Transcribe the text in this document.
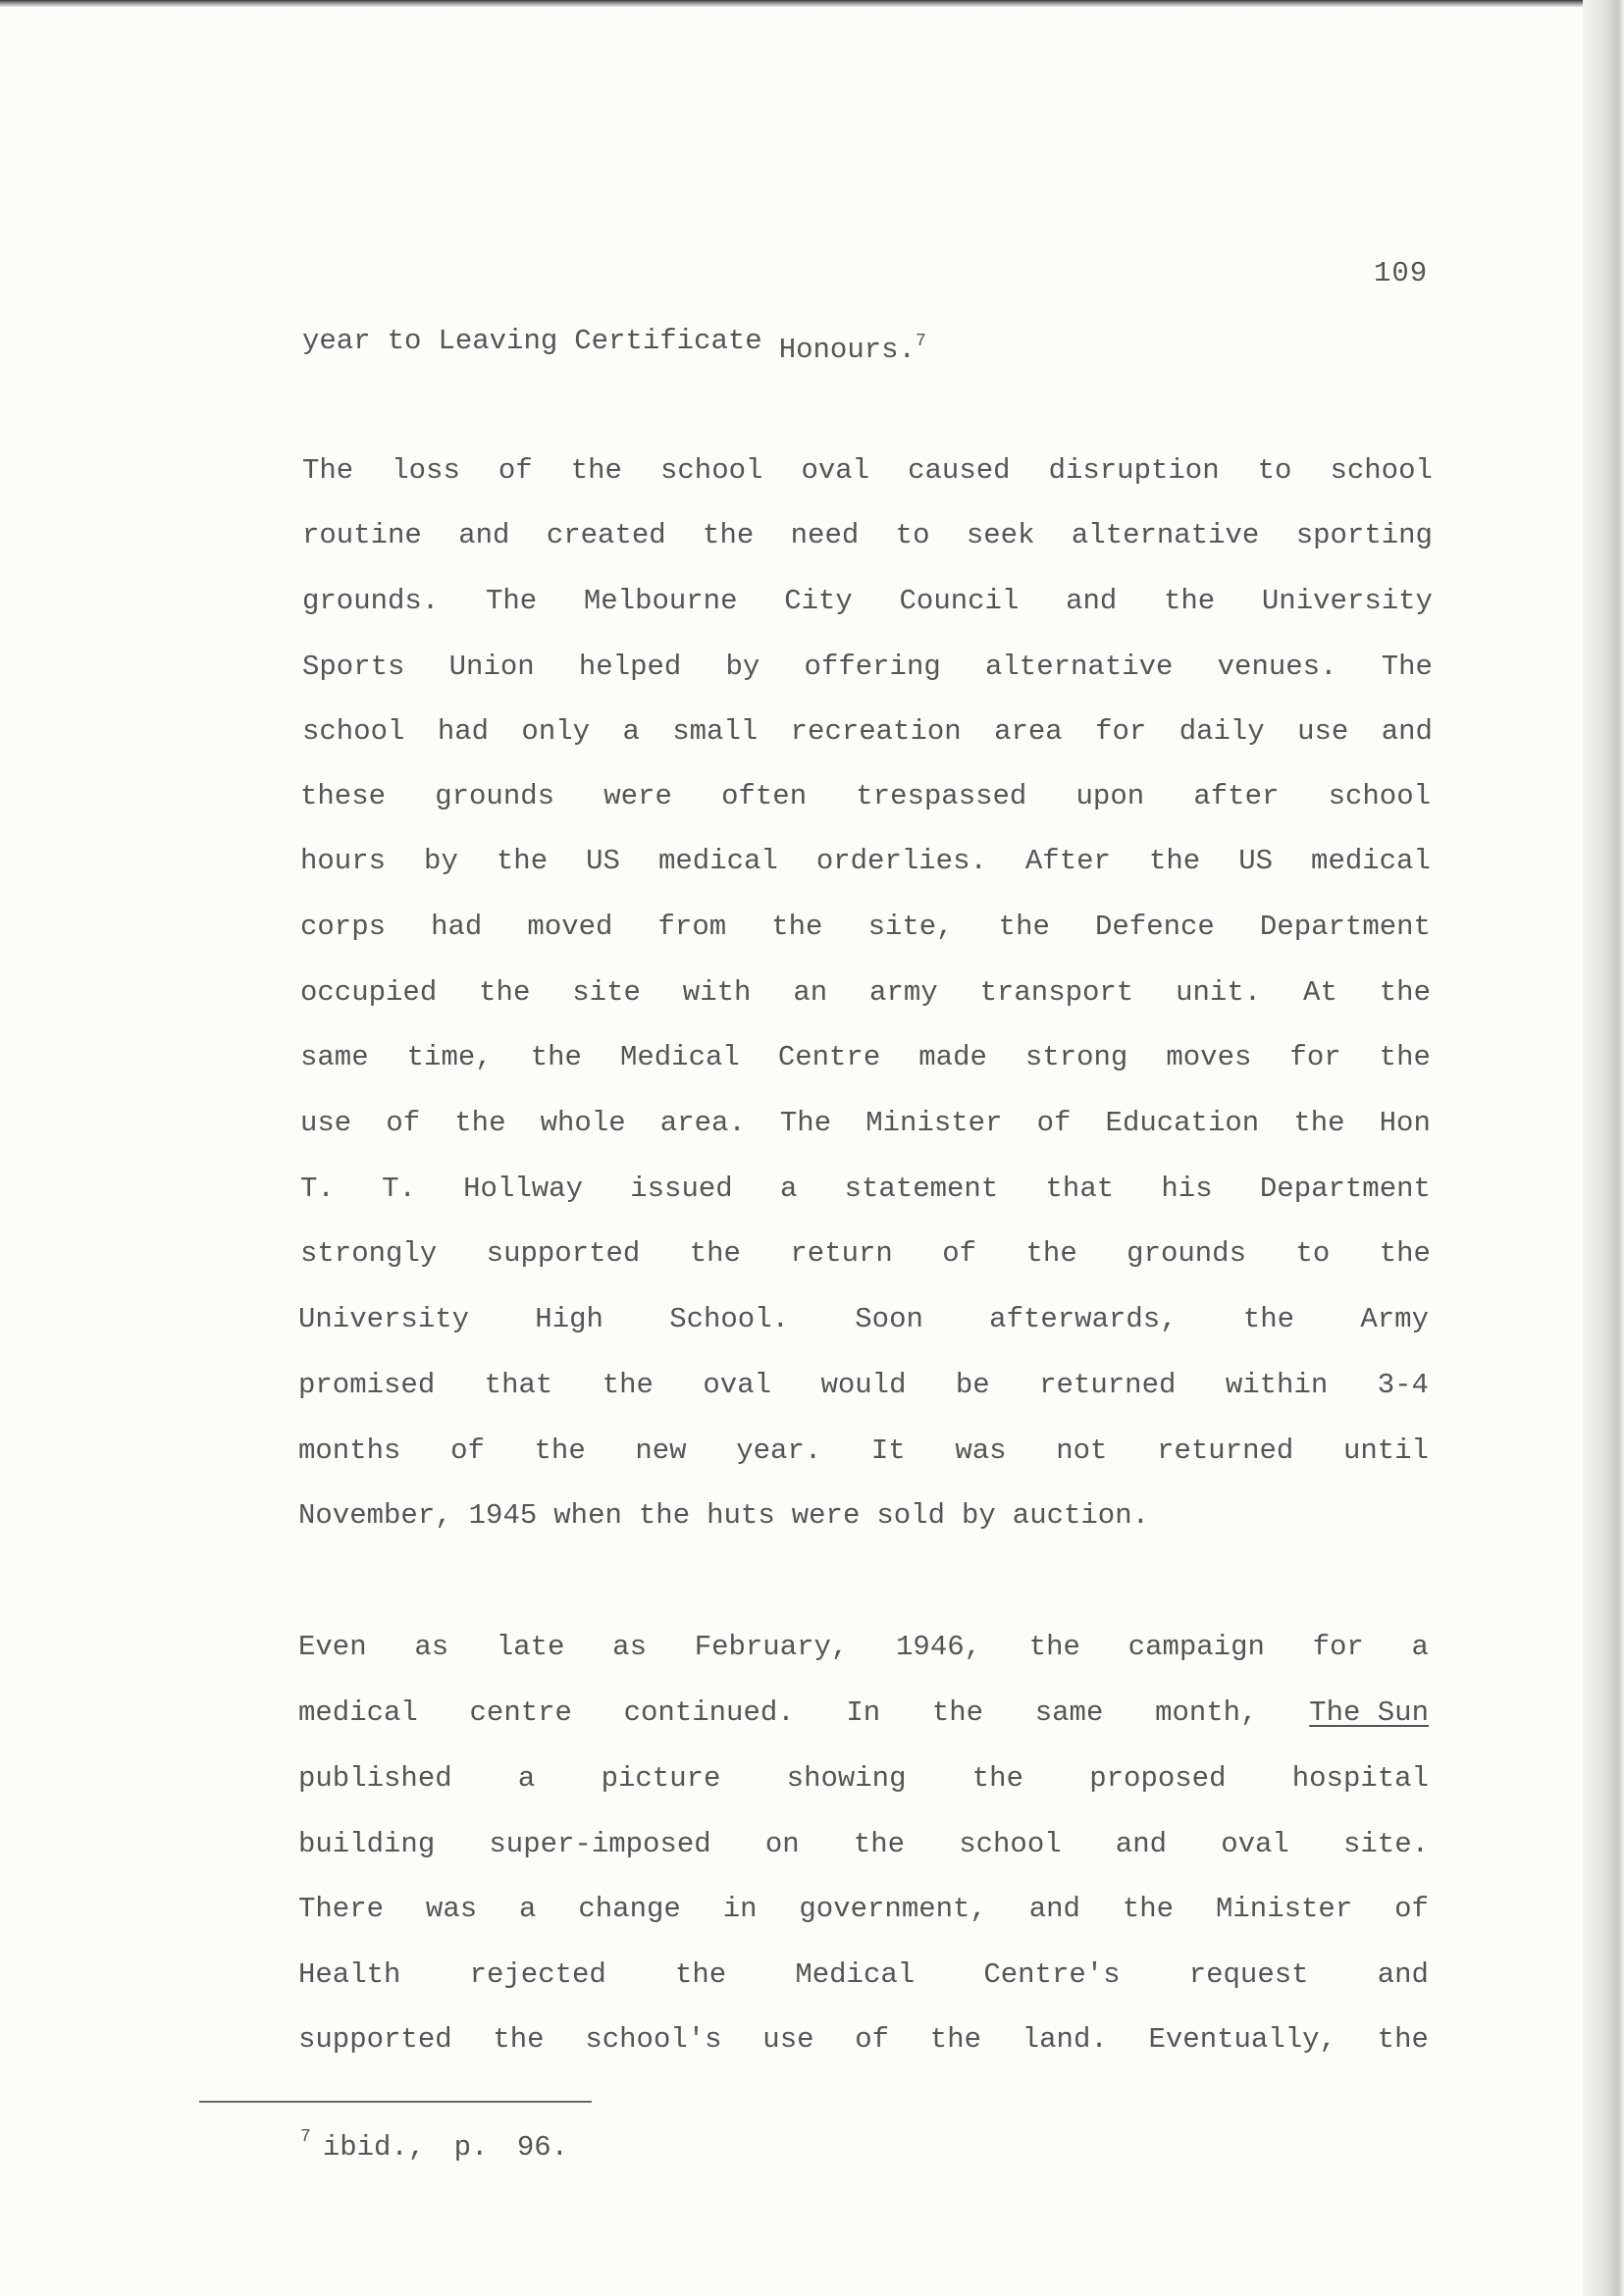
109
year to Leaving Certificate Honours.$^7$
The loss of the school oval caused disruption to school
routine and created the need to seek alternative sporting
grounds. The Melbourne City Council and the University
Sports Union helped by offering alternative venues. The
school had only a small recreation area for daily use and
these grounds were often trespassed upon after school
hours by the US medical orderlies. After the US medical
corps had moved from the site, the Defence Department
occupied the site with an army transport unit. At the
same time, the Medical Centre made strong moves for the
use of the whole area. The Minister of Education the Hon
T. T. Hollway issued a statement that his Department
strongly supported the return of the grounds to the
University High School. Soon afterwards, the Army
promised that the oval would be returned within 3-4
months of the new year. It was not returned until
November, 1945 when the huts were sold by auction.
Even as late as February, 1946, the campaign for a
medical centre continued. In the same month, The Sun
published a picture showing the proposed hospital
building super-imposed on the school and oval site.
There was a change in government, and the Minister of
Health rejected the Medical Centre's request and
supported the school's use of the land. Eventually, the
$^7$ ibid., p. 96.
